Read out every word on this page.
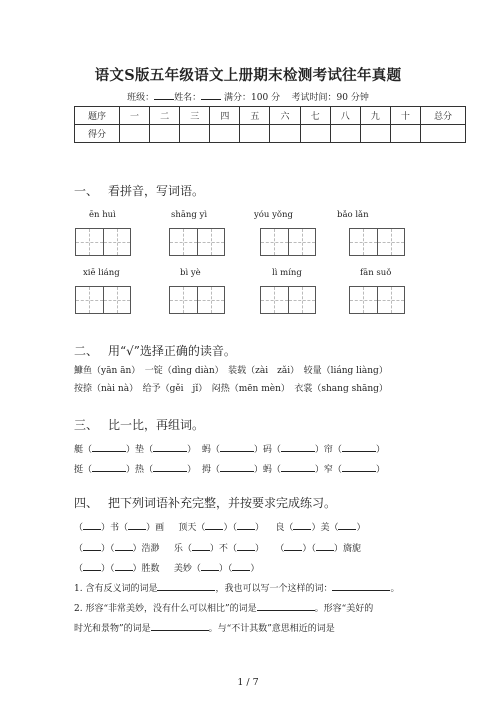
语文S版五年级语文上册期末检测考试往年真题
班级： 姓名：	满分：100 分 考试时间：90 分钟
题序	一	二	三	四	五	六	七	八	九	十	总分
得分											
一、 看拼音，写词语。
ēn huì	shāng yì	yóu yǒng	bǎo lǎn
xiē liáng	bì yè	lì míng	fān suǒ
二、 用“√”选择正确的读音。
鱇鱼（yān ān）　一锭（dìng diàn）　装载（zài　zǎi）　较量（liáng liàng）
按捺（nài nà）　给予（gěi　jǐ）　闷热（mēn mèn）　衣裳（shang shāng）
三、 比一比，再组词。
艇（	）垫（	）  蚂（	）码（	）帘（	）
挺（	）热（	）  拇（	）蚂（	）窄（	）
四、 把下列词语补充完整，并按要求完成练习。
（ ）书（ ）画 顶天（ ）（ ）    良（ ）美（ ）
（ ）（ ）浩渺 乐（ ）不（ ）    （ ）（ ）旖旎
（ ）（ ）胜数 美妙（ ）（ ）
1. 含有反义词的词是	，我也可以写一个这样的词：	。
2. 形容“非常美妙，没有什么可以相比”的词是	。形容“美好的
时光和景物”的词是	。与“不计其数”意思相近的词是
1 / 7
